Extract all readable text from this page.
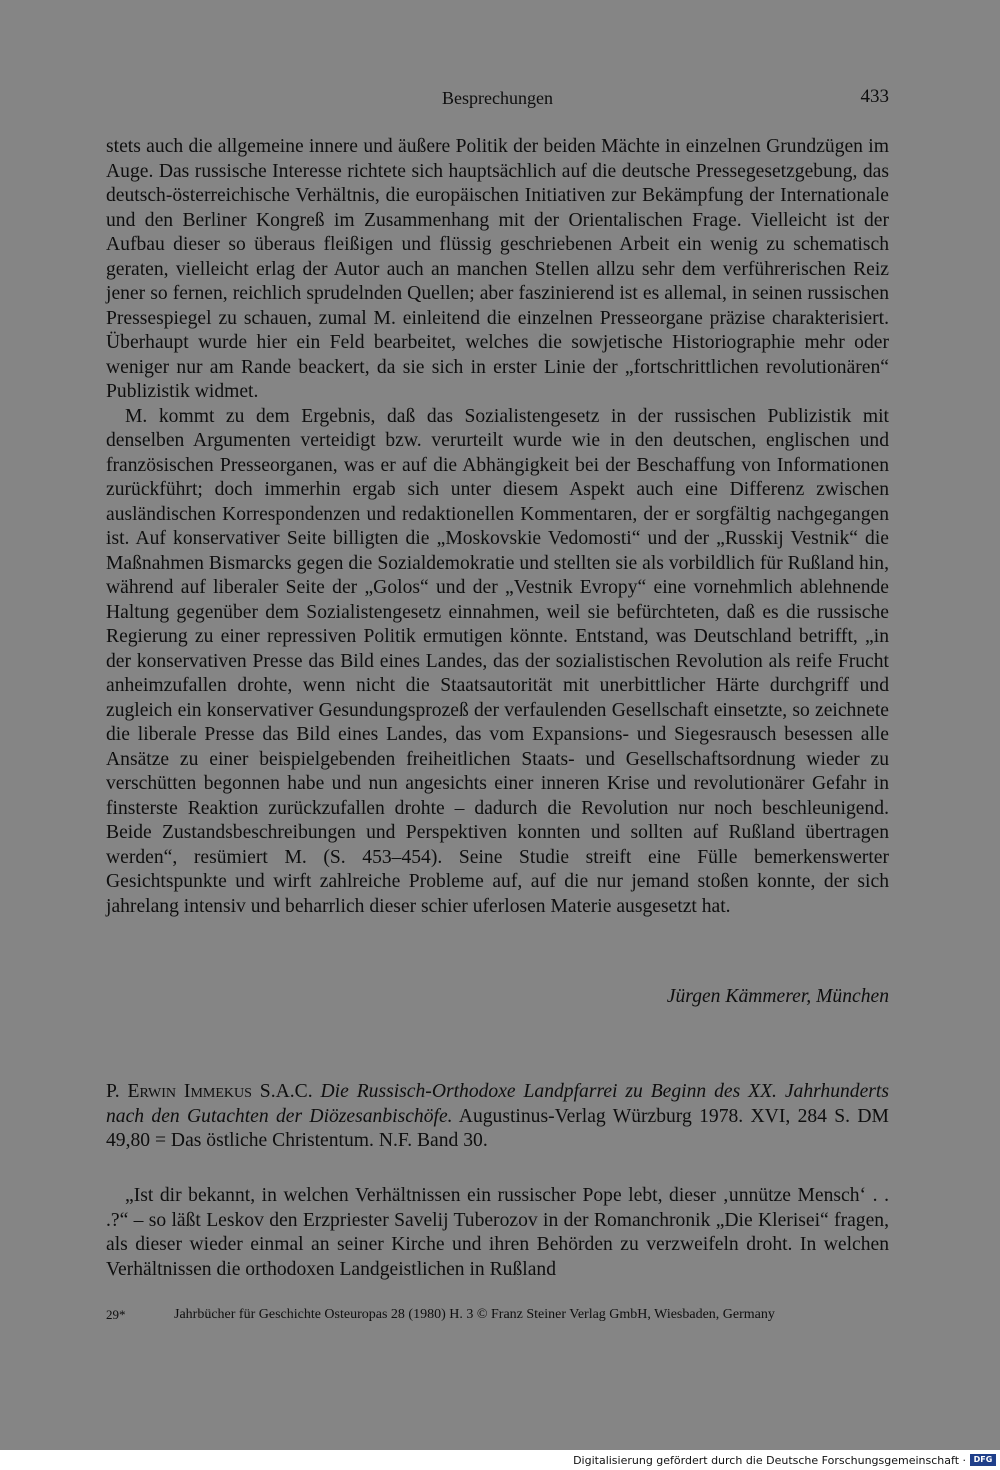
Besprechungen	433

stets auch die allgemeine innere und äußere Politik der beiden Mächte in einzelnen Grundzügen im Auge. Das russische Interesse richtete sich hauptsächlich auf die deutsche Pressegesetzgebung, das deutsch-österreichische Verhältnis, die europäischen Initiativen zur Bekämpfung der Internationale und den Berliner Kongreß im Zusammenhang mit der Orientalischen Frage. Vielleicht ist der Aufbau dieser so überaus fleißigen und flüssig geschriebenen Arbeit ein wenig zu schematisch geraten, vielleicht erlag der Autor auch an manchen Stellen allzu sehr dem verführerischen Reiz jener so fernen, reichlich sprudelnden Quellen; aber faszinierend ist es allemal, in seinen russischen Pressespiegel zu schauen, zumal M. einleitend die einzelnen Presseorgane präzise charakterisiert. Überhaupt wurde hier ein Feld bearbeitet, welches die sowjetische Historiographie mehr oder weniger nur am Rande beackert, da sie sich in erster Linie der „fortschrittlichen revolutionären“ Publizistik widmet.

M. kommt zu dem Ergebnis, daß das Sozialistengesetz in der russischen Publizistik mit denselben Argumenten verteidigt bzw. verurteilt wurde wie in den deutschen, englischen und französischen Presseorganen, was er auf die Abhängigkeit bei der Beschaffung von Informationen zurückführt; doch immerhin ergab sich unter diesem Aspekt auch eine Differenz zwischen ausländischen Korrespondenzen und redaktionellen Kommentaren, der er sorgfältig nachgegangen ist. Auf konservativer Seite billigten die „Moskovskie Vedomosti“ und der „Russkij Vestnik“ die Maßnahmen Bismarcks gegen die Sozialdemokratie und stellten sie als vorbildlich für Rußland hin, während auf liberaler Seite der „Golos“ und der „Vestnik Evropy“ eine vornehmlich ablehnende Haltung gegenüber dem Sozialistengesetz einnahmen, weil sie befürchteten, daß es die russische Regierung zu einer repressiven Politik ermutigen könnte. Entstand, was Deutschland betrifft, „in der konservativen Presse das Bild eines Landes, das der sozialistischen Revolution als reife Frucht anheimzufallen drohte, wenn nicht die Staatsautorität mit unerbittlicher Härte durchgriff und zugleich ein konservativer Gesundungsprozeß der verfaulenden Gesellschaft einsetzte, so zeichnete die liberale Presse das Bild eines Landes, das vom Expansions- und Siegesrausch besessen alle Ansätze zu einer beispielgebenden freiheitlichen Staats- und Gesellschaftsordnung wieder zu verschütten begonnen habe und nun angesichts einer inneren Krise und revolutionärer Gefahr in finsterste Reaktion zurückzufallen drohte – dadurch die Revolution nur noch beschleunigend. Beide Zustandsbeschreibungen und Perspektiven konnten und sollten auf Rußland übertragen werden“, resümiert M. (S. 453–454). Seine Studie streift eine Fülle bemerkenswerter Gesichtspunkte und wirft zahlreiche Probleme auf, auf die nur jemand stoßen konnte, der sich jahrelang intensiv und beharrlich dieser schier uferlosen Materie ausgesetzt hat.

Jürgen Kämmerer, München
P. Erwin Immekus S.A.C. Die Russisch-Orthodoxe Landpfarrei zu Beginn des XX. Jahrhunderts nach den Gutachten der Diözesanbischöfe. Augustinus-Verlag Würzburg 1978. XVI, 284 S. DM 49,80 = Das östliche Christentum. N.F. Band 30.

„Ist dir bekannt, in welchen Verhältnissen ein russischer Pope lebt, dieser ‚unnütze Mensch‘ . . .?“ – so läßt Leskov den Erzpriester Savelij Tuberozov in der Romanchronik „Die Klerisei“ fragen, als dieser wieder einmal an seiner Kirche und ihren Behörden zu verzweifeln droht. In welchen Verhältnissen die orthodoxen Landgeistlichen in Rußland

29*	Jahrbücher für Geschichte Osteuropas 28 (1980) H. 3 © Franz Steiner Verlag GmbH, Wiesbaden, Germany
Digitalisierung gefördert durch die Deutsche Forschungsgemeinschaft · DFG
